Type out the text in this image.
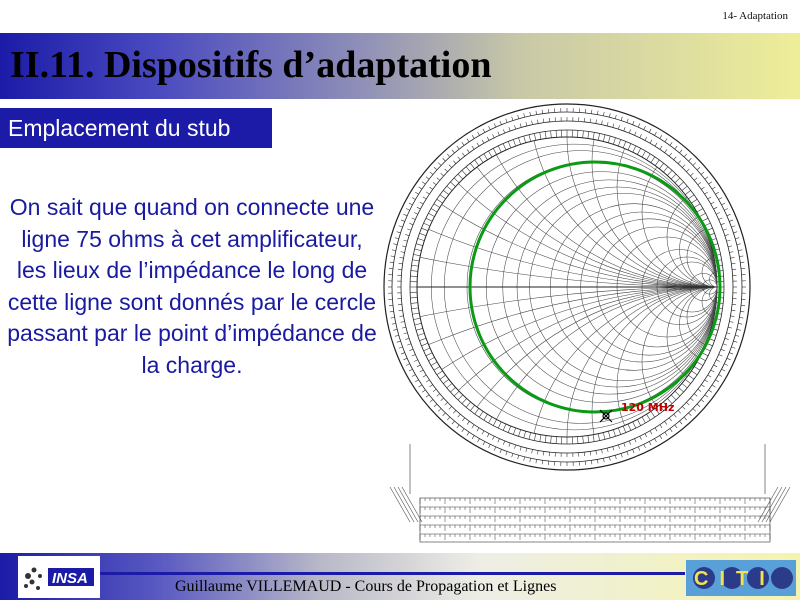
14- Adaptation
II.11. Dispositifs d’adaptation
Emplacement du stub
On sait que quand on connecte une ligne 75 ohms à cet amplificateur, les lieux de l’impédance le long de cette ligne sont donnés par le cercle passant par le point d’impédance de la charge.
120 MHz
Guillaume VILLEMAUD - Cours de Propagation et Lignes
INSA	CITI
